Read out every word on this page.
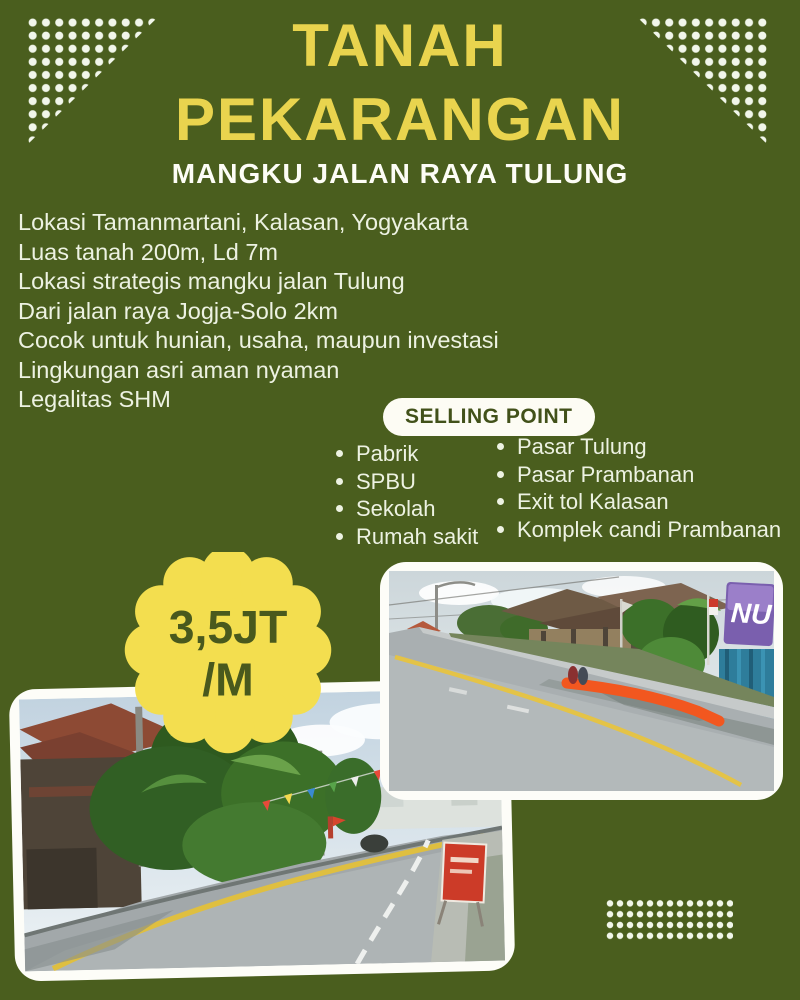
TANAH
PEKARANGAN
MANGKU JALAN RAYA TULUNG
Lokasi Tamanmartani, Kalasan, Yogyakarta
Luas tanah 200m, Ld 7m
Lokasi strategis mangku jalan Tulung
Dari jalan raya Jogja-Solo 2km
Cocok untuk hunian, usaha, maupun investasi
Lingkungan asri aman nyaman
Legalitas SHM
SELLING POINT
Pabrik
SPBU
Sekolah
Rumah sakit
Pasar Tulung
Pasar Prambanan
Exit tol Kalasan
Komplek candi Prambanan
3,5JT
/M
NU
